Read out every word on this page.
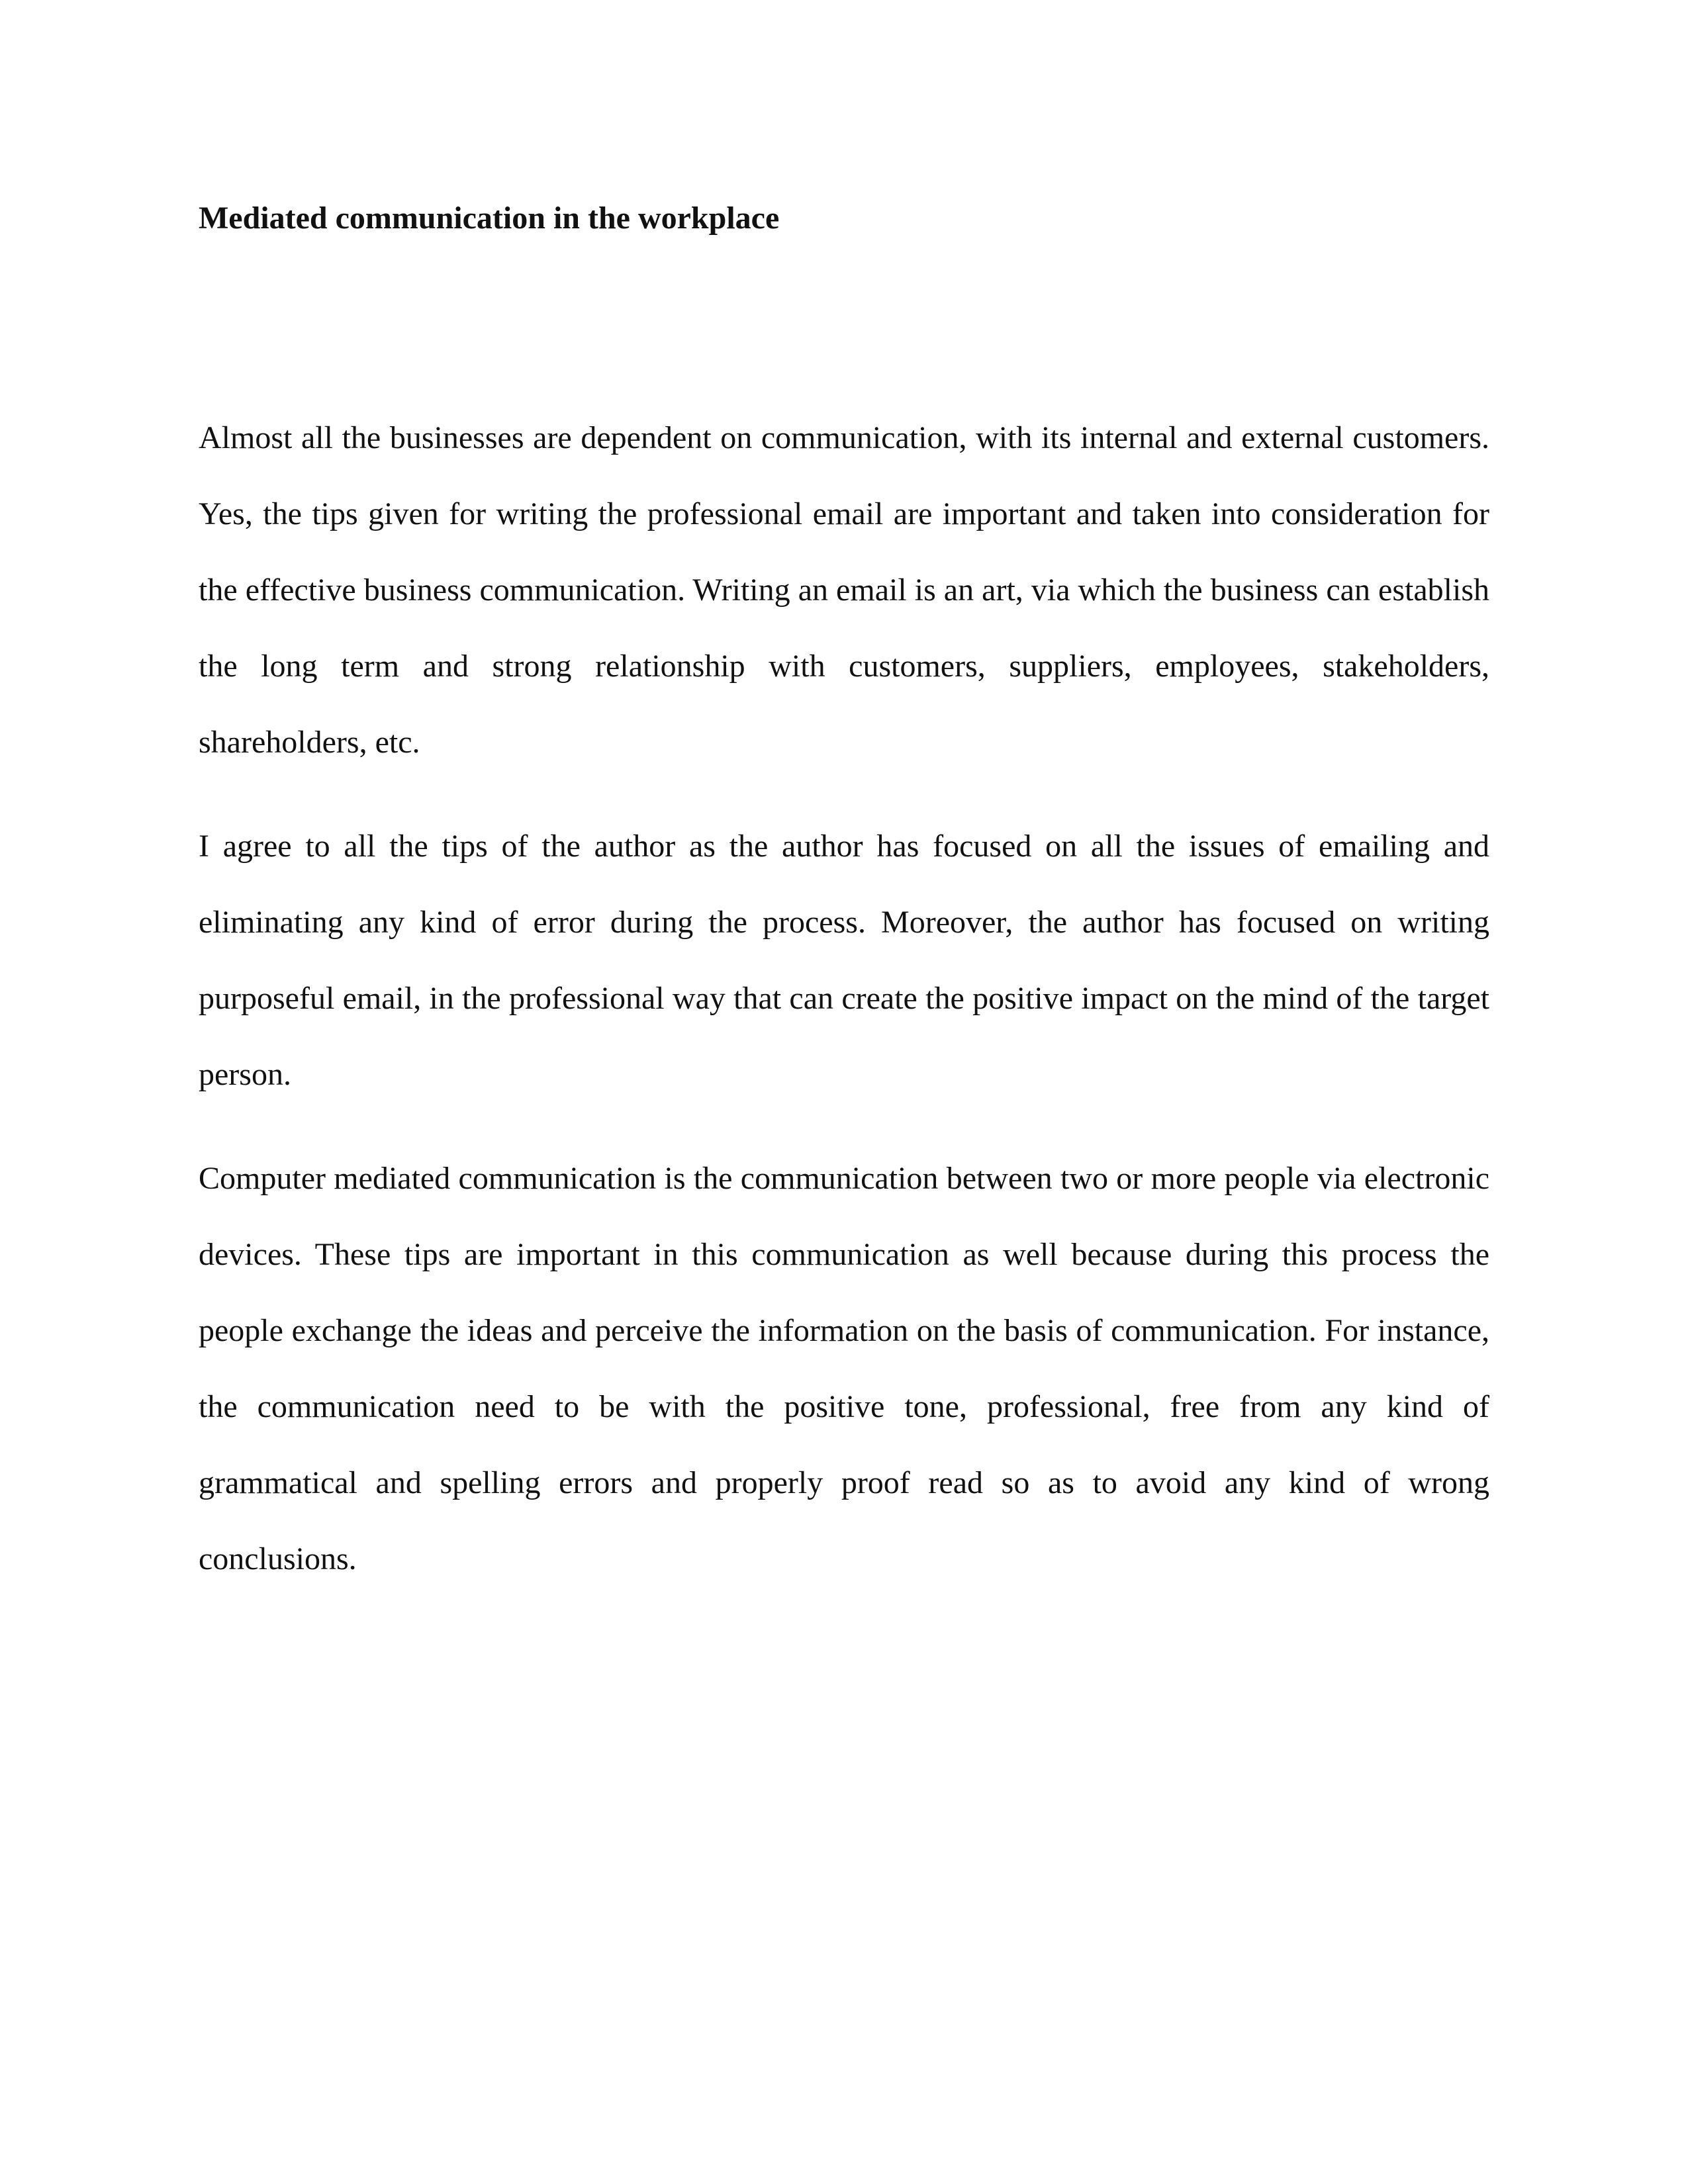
Mediated communication in the workplace

Almost all the businesses are dependent on communication, with its internal and external customers. Yes, the tips given for writing the professional email are important and taken into consideration for the effective business communication. Writing an email is an art, via which the business can establish the long term and strong relationship with customers, suppliers, employees, stakeholders, shareholders, etc.

I agree to all the tips of the author as the author has focused on all the issues of emailing and eliminating any kind of error during the process. Moreover, the author has focused on writing purposeful email, in the professional way that can create the positive impact on the mind of the target person.

Computer mediated communication is the communication between two or more people via electronic devices. These tips are important in this communication as well because during this process the people exchange the ideas and perceive the information on the basis of communication. For instance, the communication need to be with the positive tone, professional, free from any kind of grammatical and spelling errors and properly proof read so as to avoid any kind of wrong conclusions.
